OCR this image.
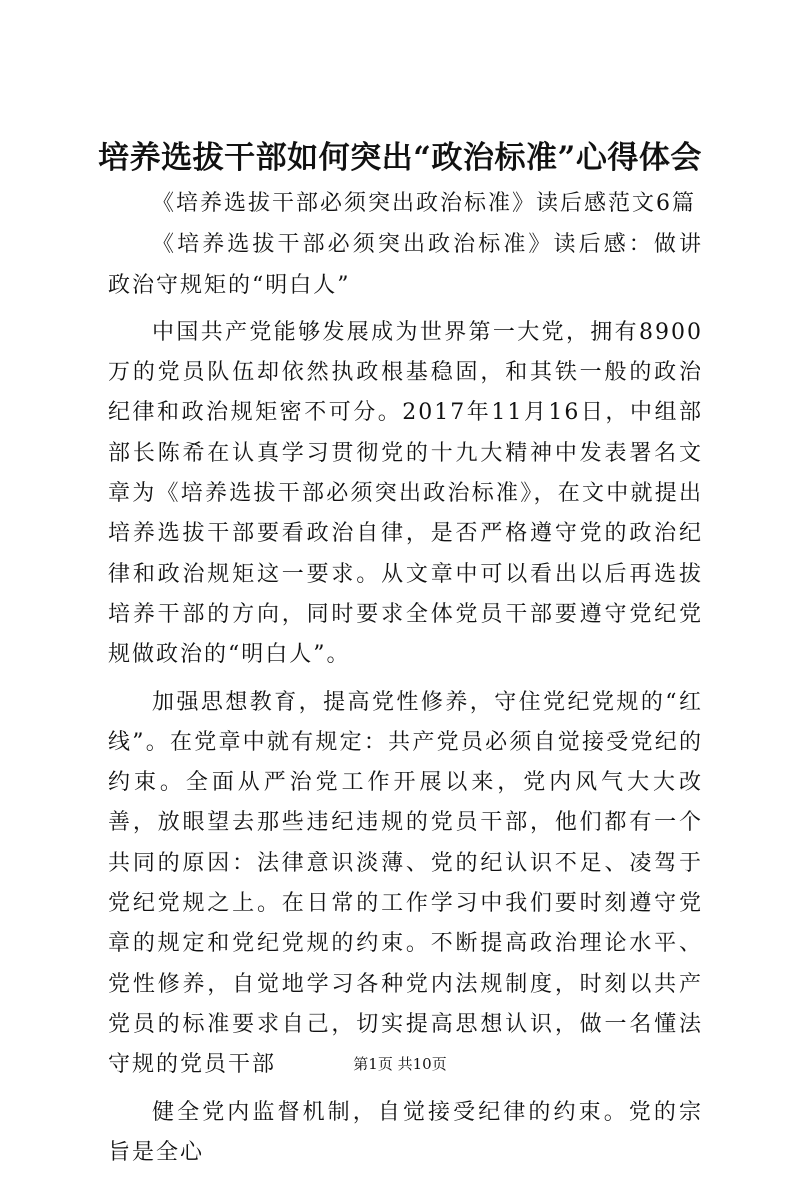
培养选拔干部如何突出“政治标准”心得体会

《培养选拔干部必须突出政治标准》读后感范文6篇

《培养选拔干部必须突出政治标准》读后感：做讲政治守规矩的“明白人”

中国共产党能够发展成为世界第一大党，拥有8900万的党员队伍却依然执政根基稳固，和其铁一般的政治纪律和政治规矩密不可分。2017年11月16日，中组部部长陈希在认真学习贯彻党的十九大精神中发表署名文章为《培养选拔干部必须突出政治标准》，在文中就提出培养选拔干部要看政治自律，是否严格遵守党的政治纪律和政治规矩这一要求。从文章中可以看出以后再选拔培养干部的方向，同时要求全体党员干部要遵守党纪党规做政治的“明白人”。

加强思想教育，提高党性修养，守住党纪党规的“红线”。在党章中就有规定：共产党员必须自觉接受党纪的约束。全面从严治党工作开展以来，党内风气大大改善，放眼望去那些违纪违规的党员干部，他们都有一个共同的原因：法律意识淡薄、党的纪认识不足、凌驾于党纪党规之上。在日常的工作学习中我们要时刻遵守党章的规定和党纪党规的约束。不断提高政治理论水平、党性修养，自觉地学习各种党内法规制度，时刻以共产党员的标准要求自己，切实提高思想认识，做一名懂法守规的党员干部

健全党内监督机制，自觉接受纪律的约束。党的宗旨是全心

第1页 共10页
